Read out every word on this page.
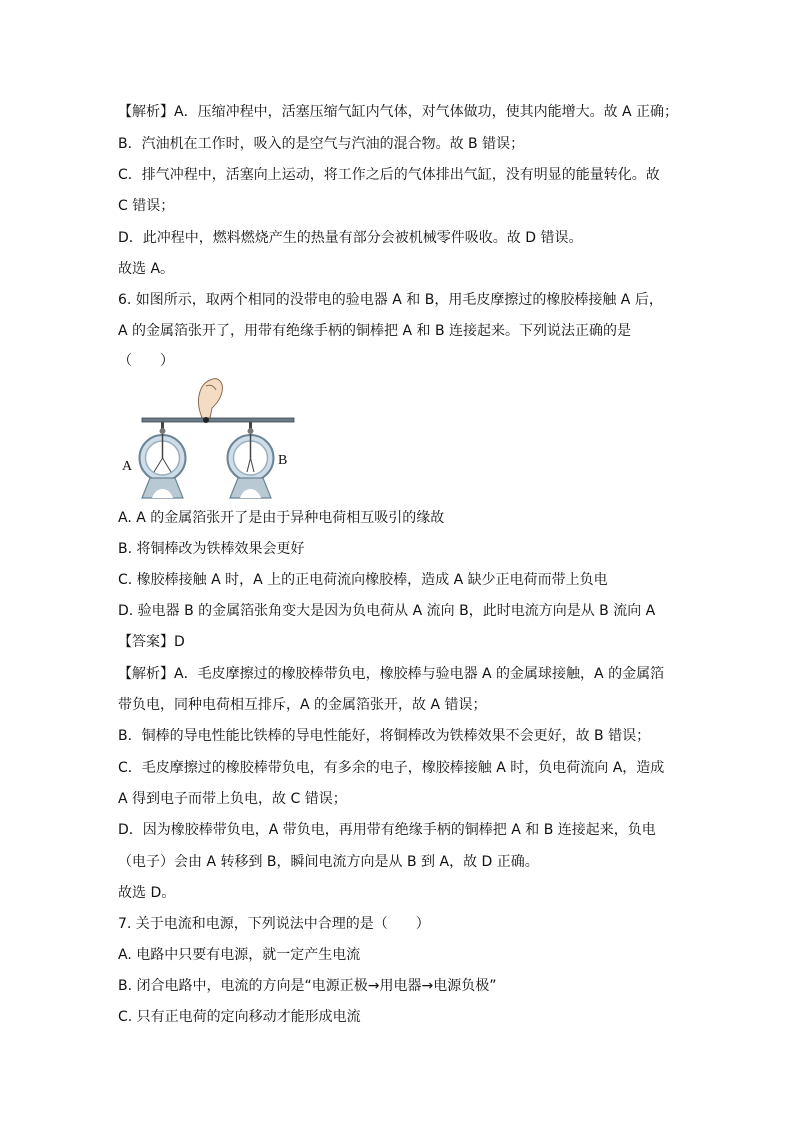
【解析】A．压缩冲程中，活塞压缩气缸内气体，对气体做功，使其内能增大。故 A 正确；
B．汽油机在工作时，吸入的是空气与汽油的混合物。故 B 错误；
C．排气冲程中，活塞向上运动，将工作之后的气体排出气缸，没有明显的能量转化。故
C 错误；
D．此冲程中，燃料燃烧产生的热量有部分会被机械零件吸收。故 D 错误。
故选 A。
6. 如图所示，取两个相同的没带电的验电器 A 和 B，用毛皮摩擦过的橡胶棒接触 A 后，
A 的金属箔张开了，用带有绝缘手柄的铜棒把 A 和 B 连接起来。下列说法正确的是
（　　）
A	B
A. A 的金属箔张开了是由于异种电荷相互吸引的缘故
B. 将铜棒改为铁棒效果会更好
C. 橡胶棒接触 A 时，A 上的正电荷流向橡胶棒，造成 A 缺少正电荷而带上负电
D. 验电器 B 的金属箔张角变大是因为负电荷从 A 流向 B，此时电流方向是从 B 流向 A
【答案】D
【解析】A．毛皮摩擦过的橡胶棒带负电，橡胶棒与验电器 A 的金属球接触，A 的金属箔
带负电，同种电荷相互排斥，A 的金属箔张开，故 A 错误；
B．铜棒的导电性能比铁棒的导电性能好，将铜棒改为铁棒效果不会更好，故 B 错误；
C．毛皮摩擦过的橡胶棒带负电，有多余的电子，橡胶棒接触 A 时，负电荷流向 A，造成
A 得到电子而带上负电，故 C 错误；
D．因为橡胶棒带负电，A 带负电，再用带有绝缘手柄的铜棒把 A 和 B 连接起来，负电
（电子）会由 A 转移到 B，瞬间电流方向是从 B 到 A，故 D 正确。
故选 D。
7. 关于电流和电源，下列说法中合理的是（　　）
A. 电路中只要有电源，就一定产生电流
B. 闭合电路中，电流的方向是“电源正极→用电器→电源负极”
C. 只有正电荷的定向移动才能形成电流
